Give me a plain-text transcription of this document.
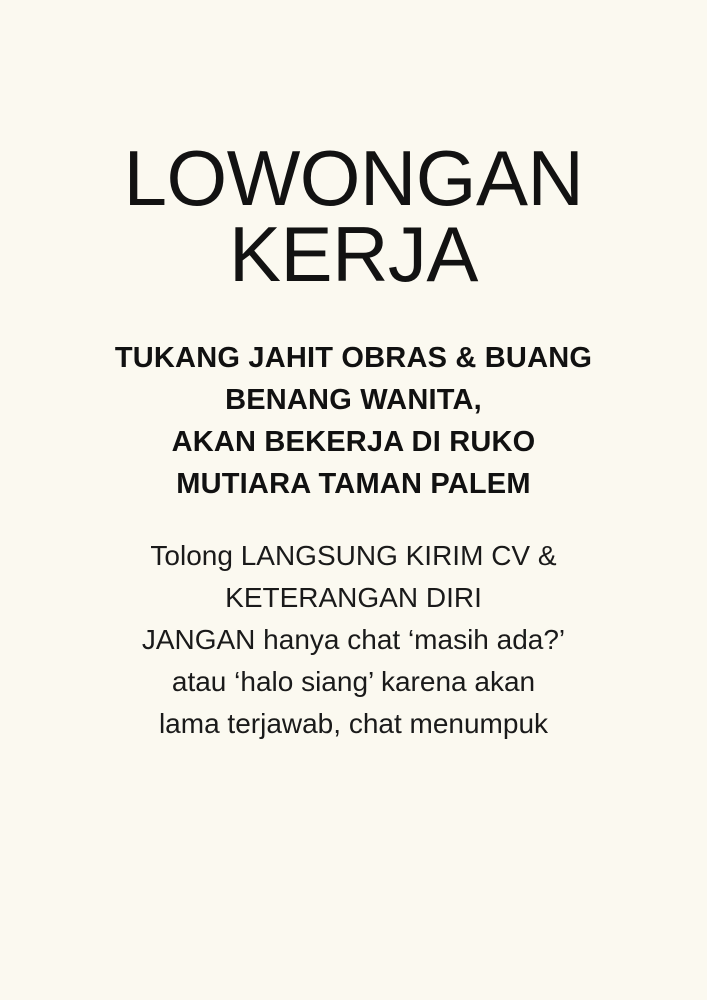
LOWONGAN
KERJA
TUKANG JAHIT OBRAS & BUANG
BENANG WANITA,
AKAN BEKERJA DI RUKO
MUTIARA TAMAN PALEM
Tolong LANGSUNG KIRIM CV &
KETERANGAN DIRI
JANGAN hanya chat ‘masih ada?’
atau ‘halo siang’ karena akan
lama terjawab, chat menumpuk
